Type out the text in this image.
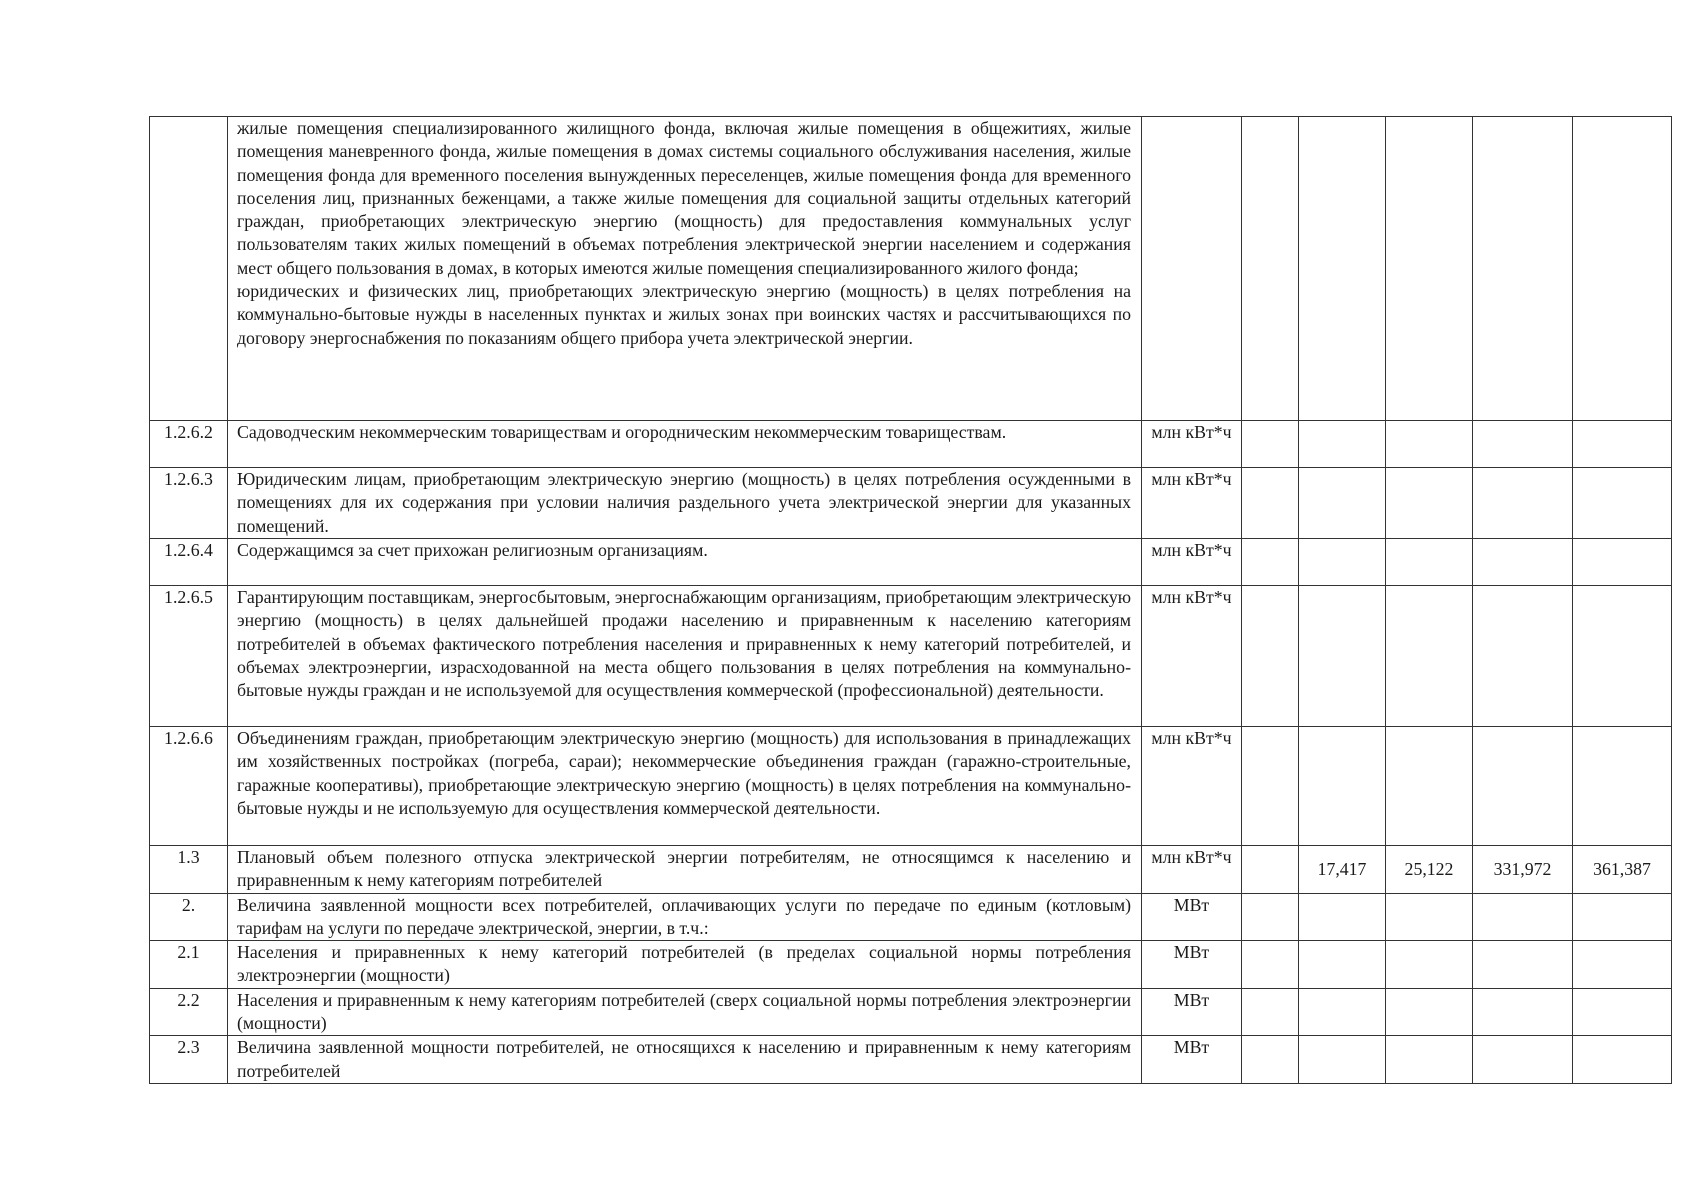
	жилые помещения специализированного жилищного фонда, включая жилые помещения в общежитиях, жилые помещения маневренного фонда, жилые помещения в домах системы социального обслуживания населения, жилые помещения фонда для временного поселения вынужденных переселенцев, жилые помещения фонда для временного поселения лиц, признанных беженцами, а также жилые помещения для социальной защиты отдельных категорий граждан, приобретающих электрическую энергию (мощность) для предоставления коммунальных услуг пользователям таких жилых помещений в объемах потребления электрической энергии населением и содержания мест общего пользования в домах, в которых имеются жилые помещения специализированного жилого фонда;
юридических и физических лиц, приобретающих электрическую энергию (мощность) в целях потребления на коммунально-бытовые нужды в населенных пунктах и жилых зонах при воинских частях и рассчитывающихся по договору энергоснабжения по показаниям общего прибора учета электрической энергии.						

1.2.6.2	Садоводческим некоммерческим товариществам и огородническим некоммерческим товариществам.	млн кВт*ч					
1.2.6.3	Юридическим лицам, приобретающим электрическую энергию (мощность) в целях потребления осужденными в помещениях для их содержания при условии наличия раздельного учета электрической энергии для указанных помещений.	млн кВт*ч					
1.2.6.4	Содержащимся за счет прихожан религиозным организациям.	млн кВт*ч					
1.2.6.5	Гарантирующим поставщикам, энергосбытовым, энергоснабжающим организациям, приобретающим электрическую энергию (мощность) в целях дальнейшей продажи населению и приравненным к населению категориям потребителей в объемах фактического потребления населения и приравненных к нему категорий потребителей, и объемах электроэнергии, израсходованной на места общего пользования в целях потребления на коммунально-бытовые нужды граждан и не используемой для осуществления коммерческой (профессиональной) деятельности.	млн кВт*ч					
1.2.6.6	Объединениям граждан, приобретающим электрическую энергию (мощность) для использования в принадлежащих им хозяйственных постройках (погреба, сараи); некоммерческие объединения граждан (гаражно-строительные, гаражные кооперативы), приобретающие электрическую энергию (мощность) в целях потребления на коммунально-бытовые нужды и не используемую для осуществления коммерческой деятельности.	млн кВт*ч					
1.3	Плановый объем полезного отпуска электрической энергии потребителям, не относящимся к населению и приравненным к нему категориям потребителей	млн кВт*ч		17,417	25,122	331,972	361,387
2.	Величина заявленной мощности всех потребителей, оплачивающих услуги по передаче по единым (котловым) тарифам на услуги по передаче электрической, энергии, в т.ч.:	МВт					
2.1	Населения и приравненных к нему категорий потребителей (в пределах социальной нормы потребления электроэнергии (мощности)	МВт					
2.2	Населения и приравненным к нему категориям потребителей (сверх социальной нормы потребления электроэнергии (мощности)	МВт					
2.3	Величина заявленной мощности потребителей, не относящихся к населению и приравненным к нему категориям потребителей	МВт					
